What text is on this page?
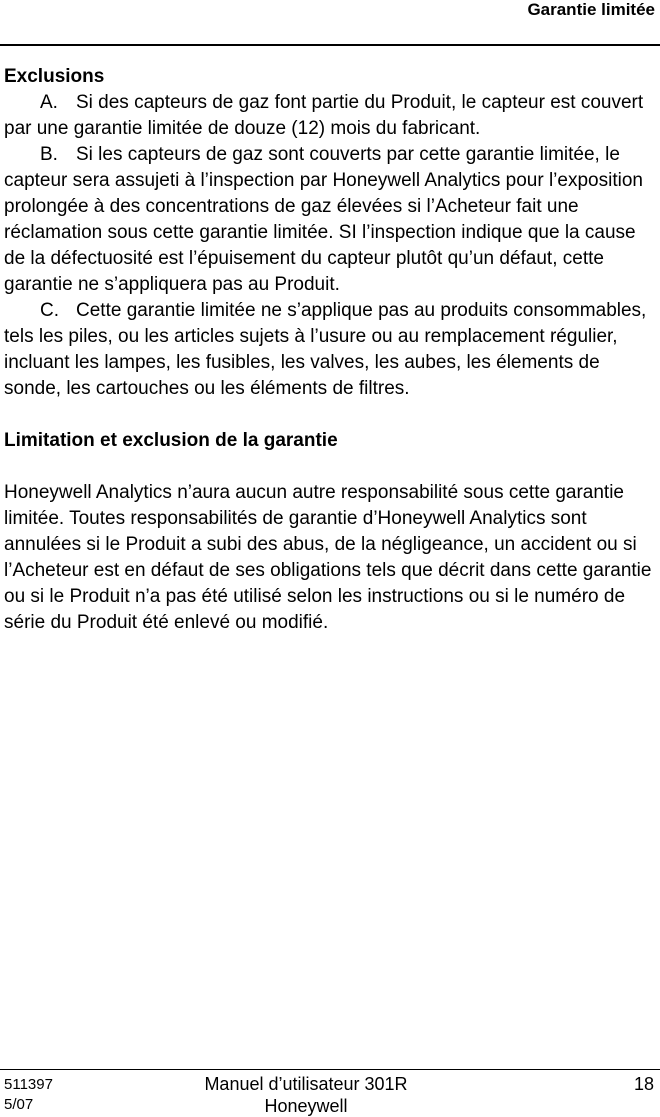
Garantie limitée

Exclusions

A. Si des capteurs de gaz font partie du Produit, le capteur est couvert par une garantie limitée de douze (12) mois du fabricant.

B. Si les capteurs de gaz sont couverts par cette garantie limitée, le capteur sera assujeti à l’inspection par Honeywell Analytics pour l’exposition prolongée à des concentrations de gaz élevées si l’Acheteur fait une réclamation sous cette garantie limitée. SI l’inspection indique que la cause de la défectuosité est l’épuisement du capteur plutôt qu’un défaut, cette garantie ne s’appliquera pas au Produit.

C. Cette garantie limitée ne s’applique pas au produits consommables, tels les piles, ou les articles sujets à l’usure ou au remplacement régulier, incluant les lampes, les fusibles, les valves, les aubes, les élements de sonde, les cartouches ou les éléments de filtres.

Limitation et exclusion de la garantie

Honeywell Analytics n’aura aucun autre responsabilité sous cette garantie limitée. Toutes responsabilités de garantie d’Honeywell Analytics sont annulées si le Produit a subi des abus, de la négligeance, un accident ou si l’Acheteur est en défaut de ses obligations tels que décrit dans cette garantie ou si le Produit n’a pas été utilisé selon les instructions ou si le numéro de série du Produit été enlevé ou modifié.

511397
5/07
Manuel d’utilisateur 301R
Honeywell
18
